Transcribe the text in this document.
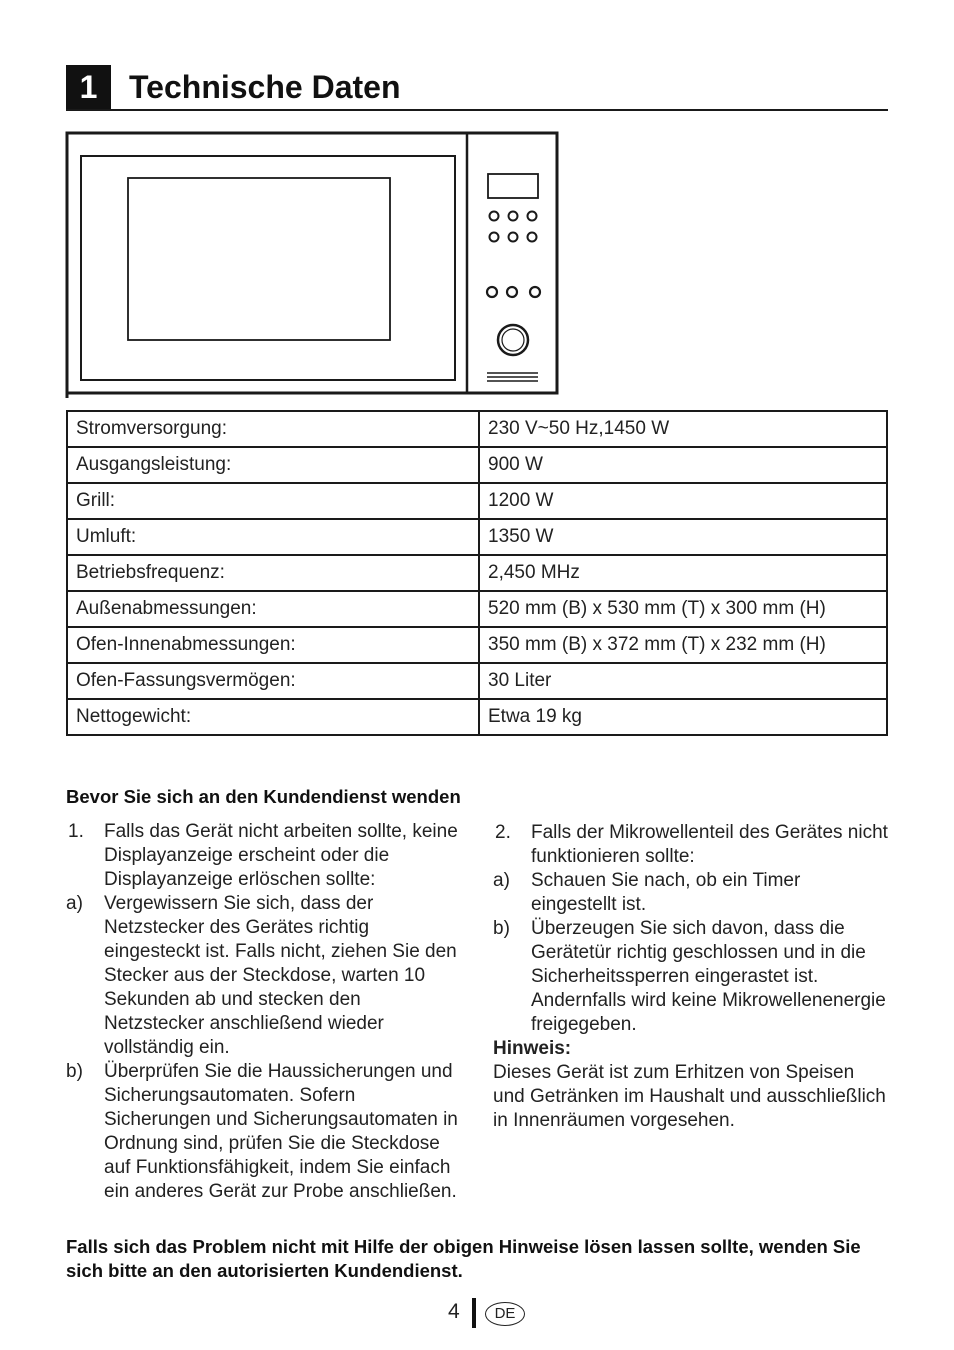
1 Technische Daten
Stromversorgung:	230 V~50 Hz,1450 W
Ausgangsleistung:	900 W
Grill:	1200 W
Umluft:	1350 W
Betriebsfrequenz:	2,450 MHz
Außenabmessungen:	520 mm (B) x 530 mm (T) x 300 mm (H)
Ofen-Innenabmessungen:	350 mm (B) x 372 mm (T) x 232 mm (H)
Ofen-Fassungsvermögen:	30 Liter
Nettogewicht:	Etwa 19 kg
Bevor Sie sich an den Kundendienst wenden
1.	Falls das Gerät nicht arbeiten sollte, keine Displayanzeige erscheint oder die Displayanzeige erlöschen sollte:
a)	Vergewissern Sie sich, dass der Netzstecker des Gerätes richtig eingesteckt ist. Falls nicht, ziehen Sie den Stecker aus der Steckdose, warten 10 Sekunden ab und stecken den Netzstecker anschließend wieder vollständig ein.
b)	Überprüfen Sie die Haussicherungen und Sicherungsautomaten. Sofern Sicherungen und Sicherungsautomaten in Ordnung sind, prüfen Sie die Steckdose auf Funktionsfähigkeit, indem Sie einfach ein anderes Gerät zur Probe anschließen.
2.	Falls der Mikrowellenteil des Gerätes nicht funktionieren sollte:
a)	Schauen Sie nach, ob ein Timer eingestellt ist.
b)	Überzeugen Sie sich davon, dass die Gerätetür richtig geschlossen und in die Sicherheitssperren eingerastet ist. Andernfalls wird keine Mikrowellenenergie freigegeben.
Hinweis:
Dieses Gerät ist zum Erhitzen von Speisen und Getränken im Haushalt und ausschließlich in Innenräumen vorgesehen.
Falls sich das Problem nicht mit Hilfe der obigen Hinweise lösen lassen sollte, wenden Sie sich bitte an den autorisierten Kundendienst.
4	DE
